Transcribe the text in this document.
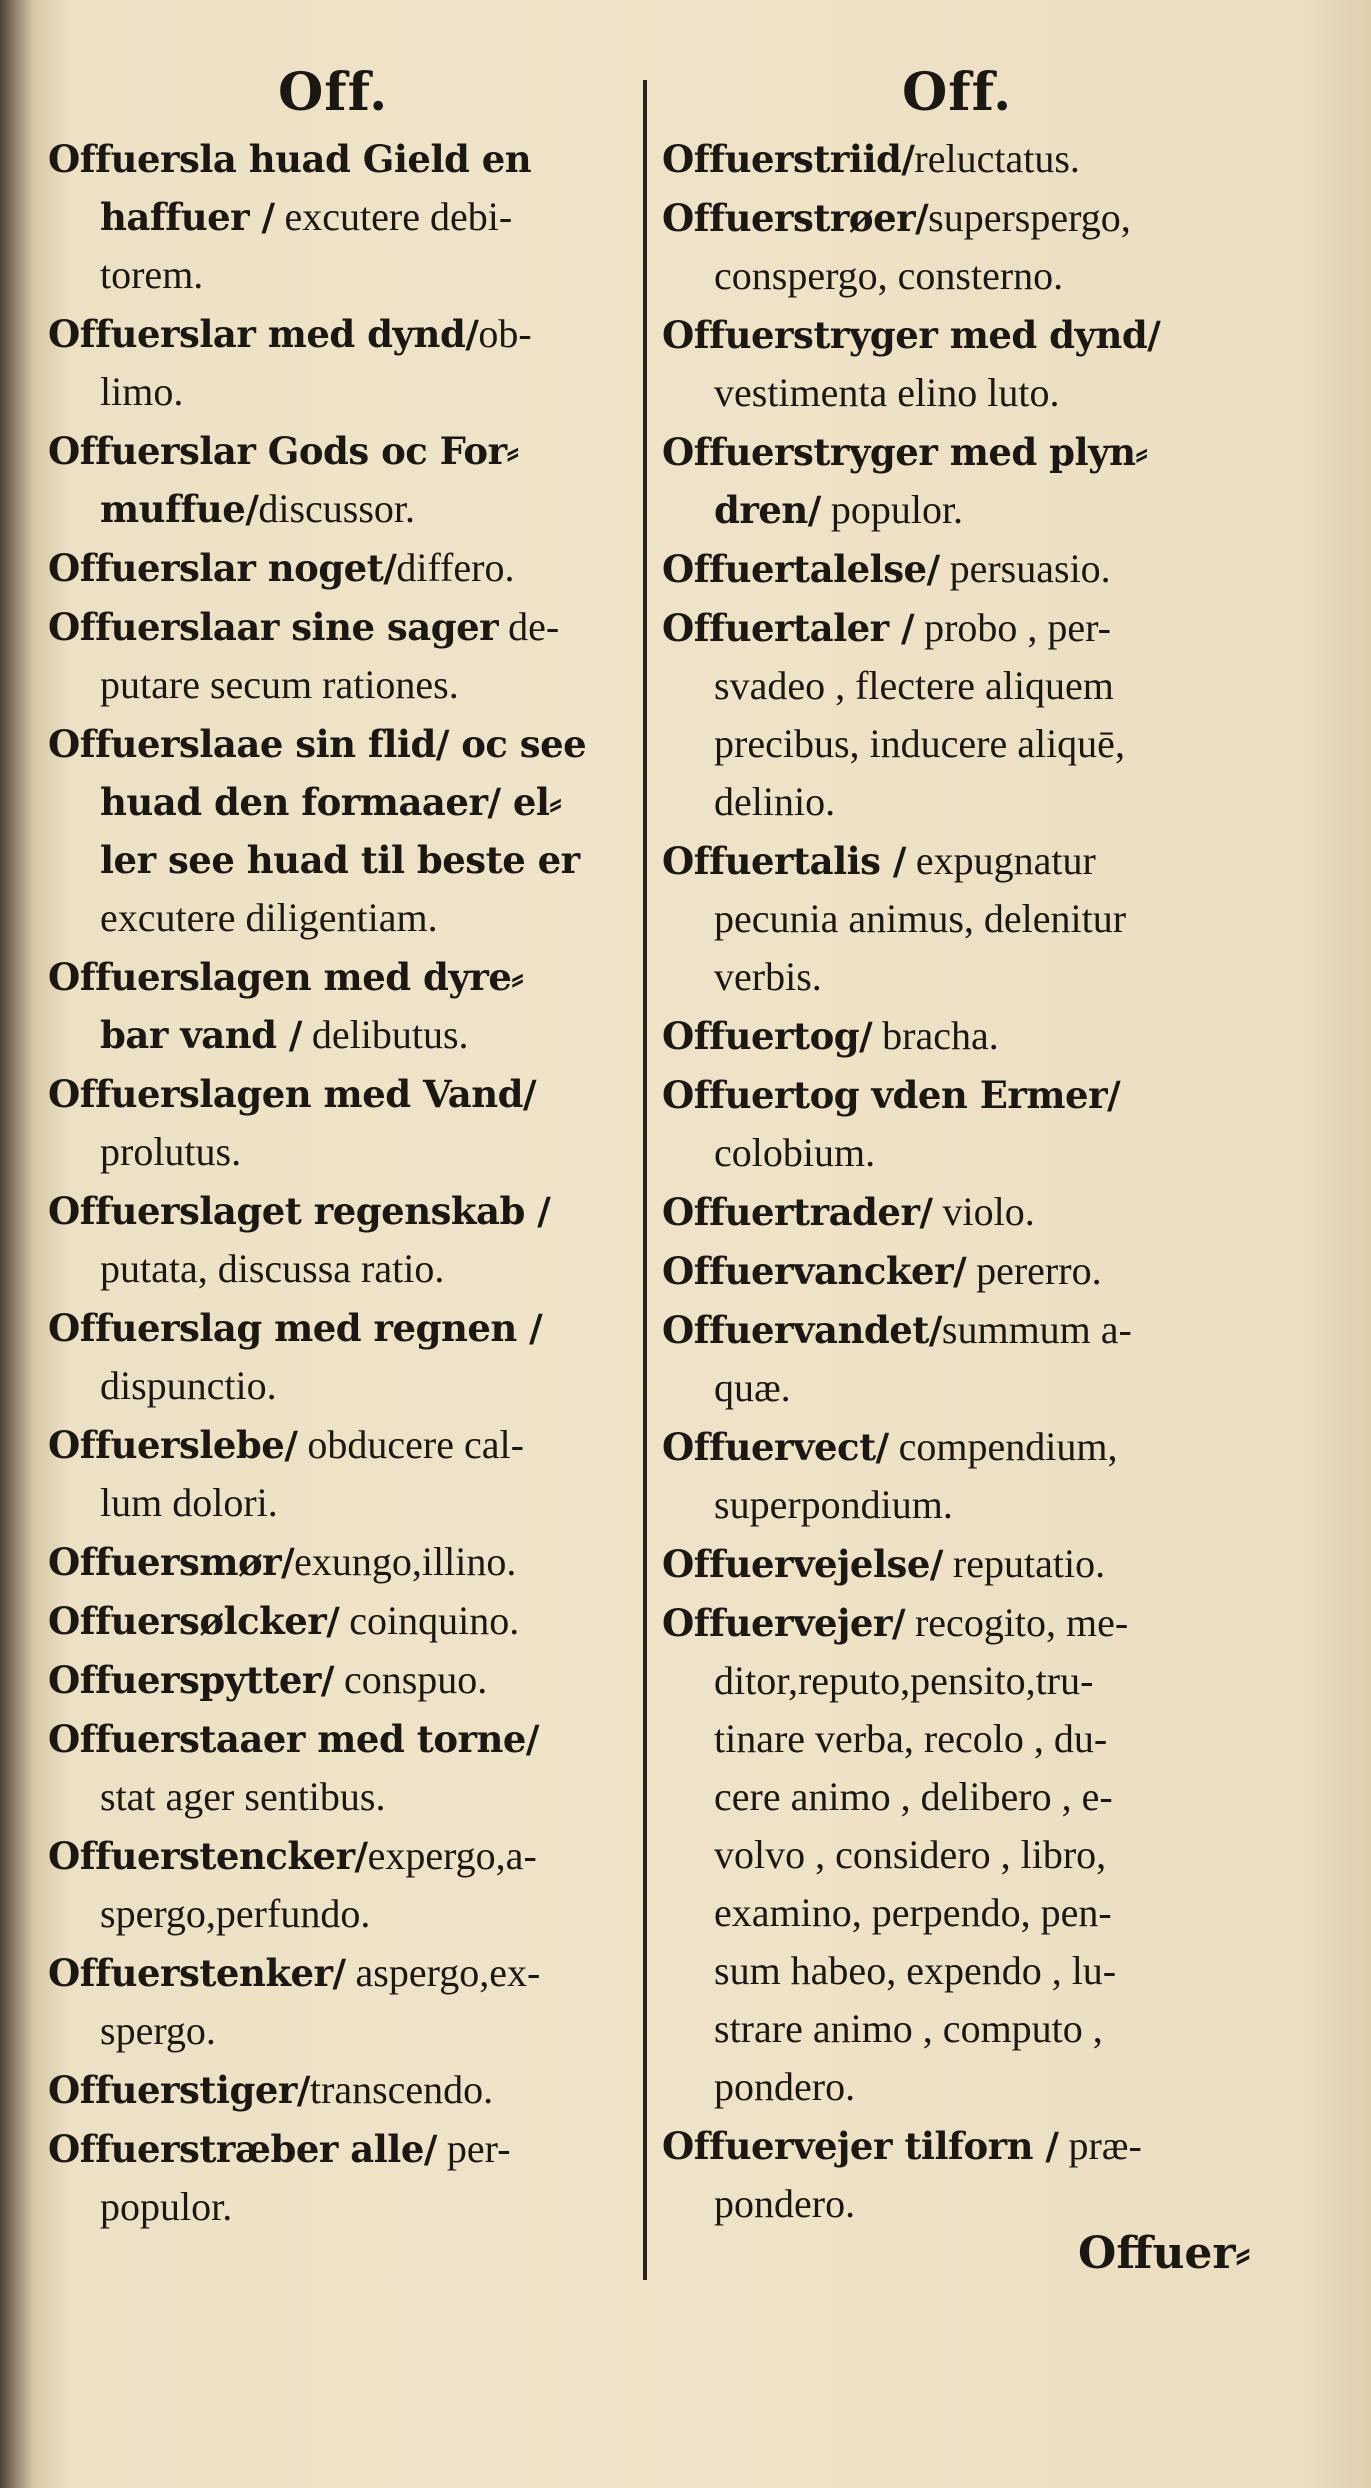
Off.	Off.
Offuersla huad Gield en
haffuer / excutere debi-
torem.
Offuerslar med dynd/ob-
limo.
Offuerslar Gods oc For⸗
muffue/discussor.
Offuerslar noget/differo.
Offuerslaar sine sager de-
putare secum rationes.
Offuerslaae sin flid/ oc see
huad den formaaer/ el⸗
ler see huad til beste er
excutere diligentiam.
Offuerslagen med dyre⸗
bar vand / delibutus.
Offuerslagen med Vand/
prolutus.
Offuerslaget regenskab /
putata, discussa ratio.
Offuerslag med regnen /
dispunctio.
Offuerslebe/ obducere cal-
lum dolori.
Offuersmør/exungo,illino.
Offuersølcker/ coinquino.
Offuerspytter/ conspuo.
Offuerstaaer med torne/
stat ager sentibus.
Offuerstencker/expergo,a-
spergo,perfundo.
Offuerstenker/ aspergo,ex-
spergo.
Offuerstiger/transcendo.
Offuerstræber alle/ per-
populor.
Offuerstriid/reluctatus.
Offuerstrøer/superspergo,
conspergo, consterno.
Offuerstryger med dynd/
vestimenta elino luto.
Offuerstryger med plyn⸗
dren/ populor.
Offuertalelse/ persuasio.
Offuertaler / probo , per-
svadeo , flectere aliquem
precibus, inducere aliquē,
delinio.
Offuertalis / expugnatur
pecunia animus, delenitur
verbis.
Offuertog/ bracha.
Offuertog vden Ermer/
colobium.
Offuertrader/ violo.
Offuervancker/ pererro.
Offuervandet/summum a-
quæ.
Offuervect/ compendium,
superpondium.
Offuervejelse/ reputatio.
Offuervejer/ recogito, me-
ditor,reputo,pensito,tru-
tinare verba, recolo , du-
cere animo , delibero , e-
volvo , considero , libro,
examino, perpendo, pen-
sum habeo, expendo , lu-
strare animo , computo ,
pondero.
Offuervejer tilforn / præ-
pondero.
Offuer⸗
